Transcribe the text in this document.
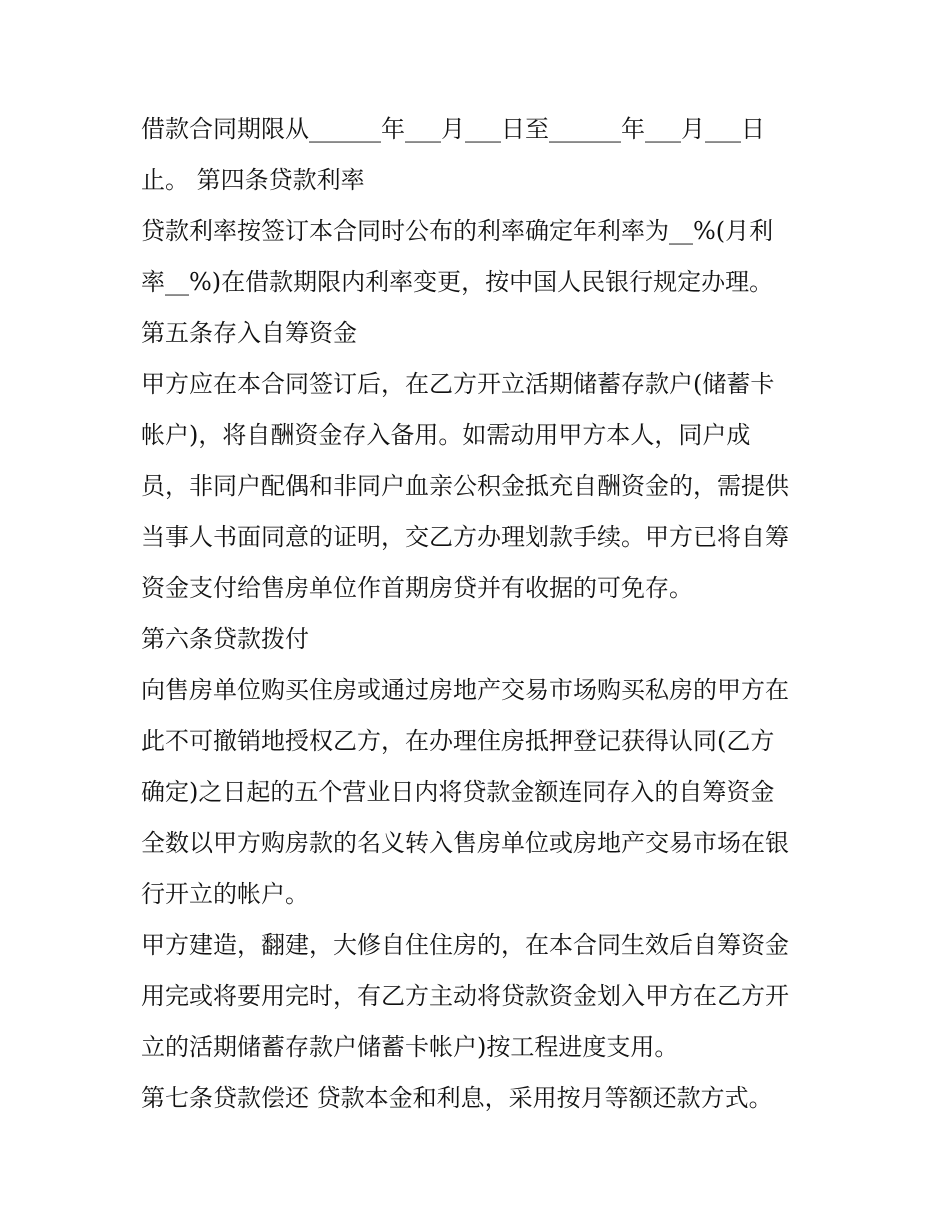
借款合同期限从______年___月___日至______年___月___日
止。 第四条贷款利率
贷款利率按签订本合同时公布的利率确定年利率为__%(月利
率__%)在借款期限内利率变更，按中国人民银行规定办理。
第五条存入自筹资金
甲方应在本合同签订后，在乙方开立活期储蓄存款户(储蓄卡
帐户)，将自酬资金存入备用。如需动用甲方本人，同户成
员，非同户配偶和非同户血亲公积金抵充自酬资金的，需提供
当事人书面同意的证明，交乙方办理划款手续。甲方已将自筹
资金支付给售房单位作首期房贷并有收据的可免存。
第六条贷款拨付
向售房单位购买住房或通过房地产交易市场购买私房的甲方在
此不可撤销地授权乙方，在办理住房抵押登记获得认同(乙方
确定)之日起的五个营业日内将贷款金额连同存入的自筹资金
全数以甲方购房款的名义转入售房单位或房地产交易市场在银
行开立的帐户。
甲方建造，翻建，大修自住住房的，在本合同生效后自筹资金
用完或将要用完时，有乙方主动将贷款资金划入甲方在乙方开
立的活期储蓄存款户储蓄卡帐户)按工程进度支用。
第七条贷款偿还 贷款本金和利息，采用按月等额还款方式。
